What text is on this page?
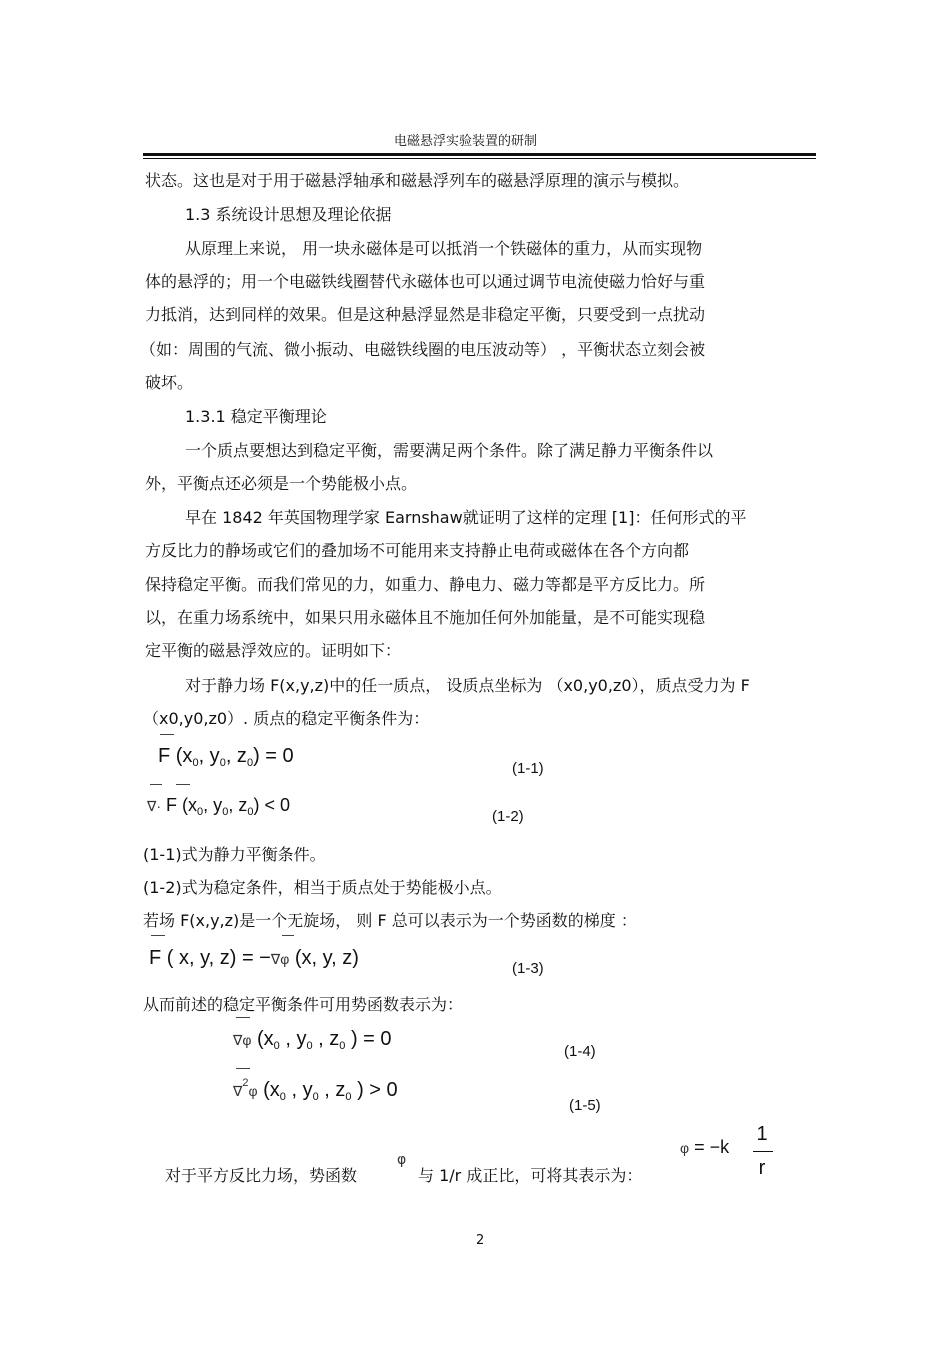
电磁悬浮实验装置的研制
状态。这也是对于用于磁悬浮轴承和磁悬浮列车的磁悬浮原理的演示与模拟。
1.3 系统设计思想及理论依据
从原理上来说， 用一块永磁体是可以抵消一个铁磁体的重力，从而实现物
体的悬浮的；用一个电磁铁线圈替代永磁体也可以通过调节电流使磁力恰好与重
力抵消，达到同样的效果。但是这种悬浮显然是非稳定平衡，只要受到一点扰动
（如：周围的气流、微小振动、电磁铁线圈的电压波动等） ，平衡状态立刻会被
破坏。
1.3.1 稳定平衡理论
一个质点要想达到稳定平衡，需要满足两个条件。除了满足静力平衡条件以
外，平衡点还必须是一个势能极小点。
早在 1842 年英国物理学家 Earnshaw就证明了这样的定理 [1]：任何形式的平
方反比力的静场或它们的叠加场不可能用来支持静止电荷或磁体在各个方向都
保持稳定平衡。而我们常见的力，如重力、静电力、磁力等都是平方反比力。所
以，在重力场系统中，如果只用永磁体且不施加任何外加能量，是不可能实现稳
定平衡的磁悬浮效应的。证明如下：
对于静力场 F(x,y,z)中的任一质点， 设质点坐标为 （x0,y0,z0），质点受力为 F
（x0,y0,z0）. 质点的稳定平衡条件为：
F ($x_0$, $y_0$, $z_0) = 0$
(1-1)
∇· F ($x_0$, $y_0$, $z_0) < 0$
(1-2)
(1-1)式为静力平衡条件。
(1-2)式为稳定条件，相当于质点处于势能极小点。
若场 F(x,y,z)是一个无旋场， 则 F 总可以表示为一个势函数的梯度 ：
F ( x, y, z) = −∇φ (x, y, z)	(1-3)
从而前述的稳定平衡条件可用势函数表示为：
∇φ ($x_0$ , $y_0$ , $z_0$ ) = 0
(1-4)
∇$^2$φ ($x_0$ , $y_0$ , $z_0$ ) > 0
(1-5)
φ = −k
1
r
对于平方反比力场，势函数
φ
与 1/r 成正比，可将其表示为：
2
